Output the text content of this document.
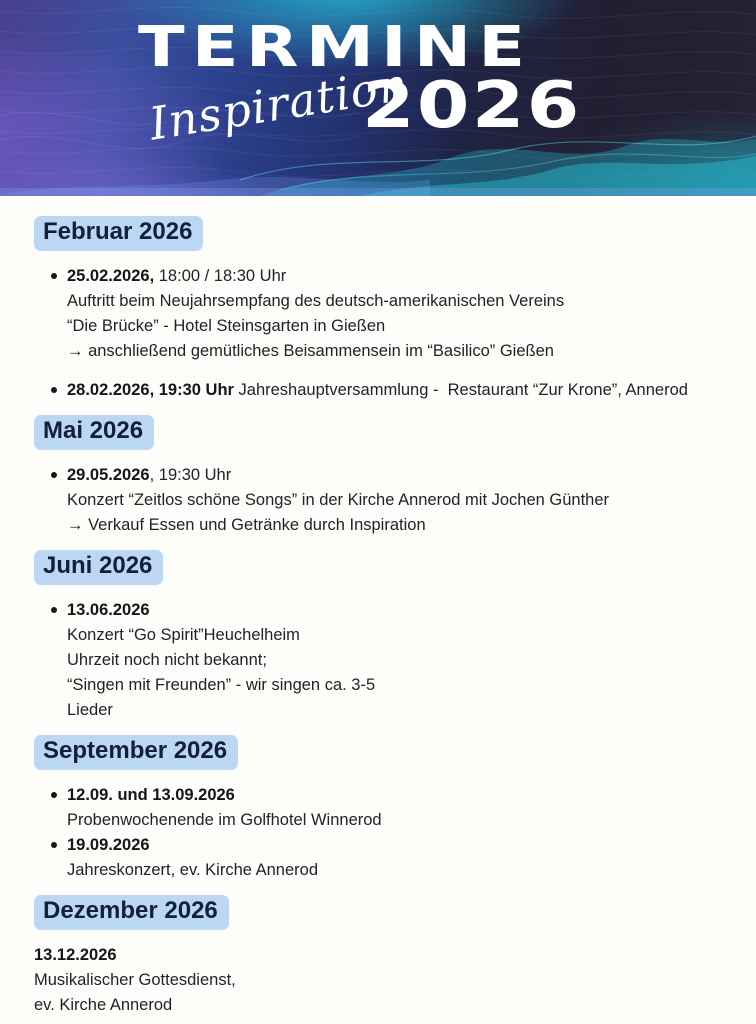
TERMINE
2026
Inspiration
Februar 2026

25.02.2026, 18:00 / 18:30 Uhr

Auftritt beim Neujahrsempfang des deutsch-amerikanischen Vereins

“Die Brücke” - Hotel Steinsgarten in Gießen

→ anschließend gemütliches Beisammensein im “Basilico” Gießen

28.02.2026, 19:30 Uhr Jahreshauptversammlung -  Restaurant “Zur Krone”, Annerod

Mai 2026

29.05.2026, 19:30 Uhr

Konzert “Zeitlos schöne Songs” in der Kirche Annerod mit Jochen Günther

→ Verkauf Essen und Getränke durch Inspiration

Juni 2026

13.06.2026

Konzert “Go Spirit”Heuchelheim

Uhrzeit noch nicht bekannt;

“Singen mit Freunden” - wir singen ca. 3-5

Lieder

September 2026

12.09. und 13.09.2026

Probenwochenende im Golfhotel Winnerod

19.09.2026

Jahreskonzert, ev. Kirche Annerod

Dezember 2026

13.12.2026

Musikalischer Gottesdienst,

ev. Kirche Annerod
